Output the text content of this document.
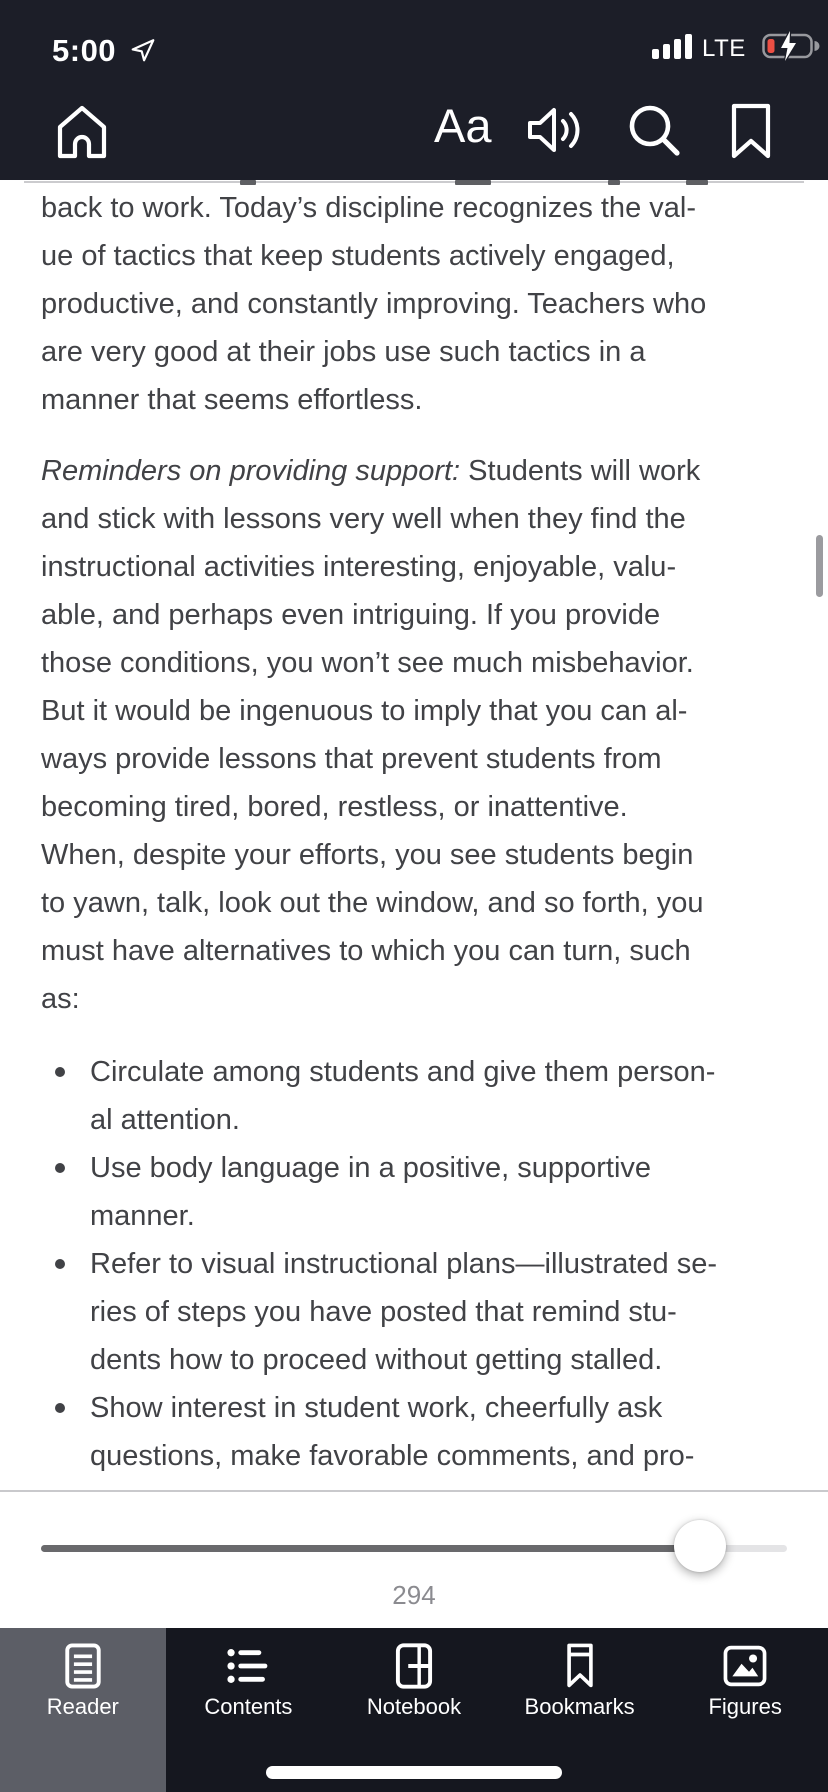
5:00	LTE
Aa

back to work. Today’s discipline recognizes the val-
ue of tactics that keep students actively engaged,
productive, and constantly improving. Teachers who
are very good at their jobs use such tactics in a
manner that seems effortless.

Reminders on providing support: Students will work
and stick with lessons very well when they find the
instructional activities interesting, enjoyable, valu-
able, and perhaps even intriguing. If you provide
those conditions, you won’t see much misbehavior.
But it would be ingenuous to imply that you can al-
ways provide lessons that prevent students from
becoming tired, bored, restless, or inattentive.
When, despite your efforts, you see students begin
to yawn, talk, look out the window, and so forth, you
must have alternatives to which you can turn, such
as:

Circulate among students and give them person-
al attention.
Use body language in a positive, supportive
manner.
Refer to visual instructional plans—illustrated se-
ries of steps you have posted that remind stu-
dents how to proceed without getting stalled.
Show interest in student work, cheerfully ask
questions, make favorable comments, and pro-
294
Reader	Contents	Notebook	Bookmarks	Figures
